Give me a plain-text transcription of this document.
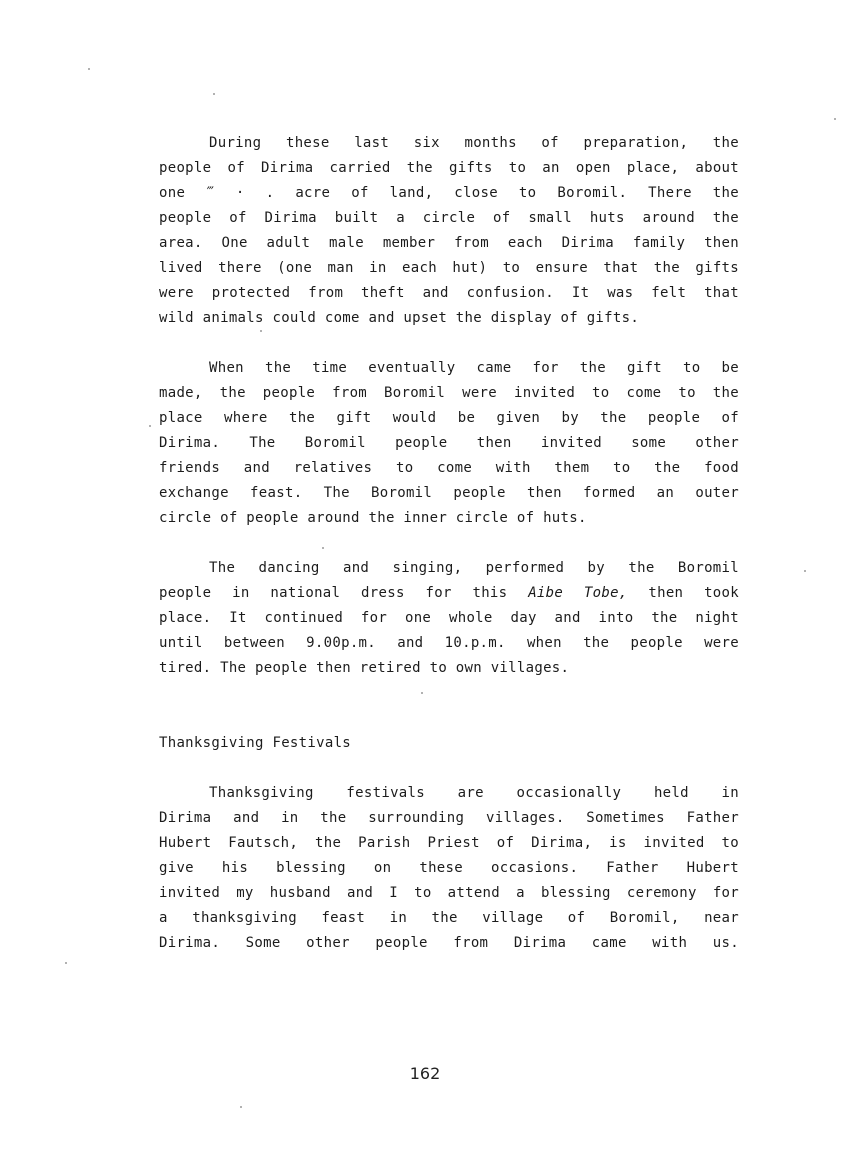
During these last six months of preparation, the
people of Dirima carried the gifts to an open place, about
one ‴ · . acre of land, close to Boromil. There the
people of Dirima built a circle of small huts around the
area. One adult male member from each Dirima family then
lived there (one man in each hut) to ensure that the gifts
were protected from theft and confusion. It was felt that
wild animals could come and upset the display of gifts.
When the time eventually came for the gift to be
made, the people from Boromil were invited to come to the
place where the gift would be given by the people of
Dirima. The Boromil people then invited some other
friends and relatives to come with them to the food
exchange feast. The Boromil people then formed an outer
circle of people around the inner circle of huts.
The dancing and singing, performed by the Boromil
people in national dress for this Aibe Tobe, then took
place. It continued for one whole day and into the night
until between 9.00p.m. and 10.p.m. when the people were
tired. The people then retired to own villages.
Thanksgiving Festivals
Thanksgiving festivals are occasionally held in
Dirima and in the surrounding villages. Sometimes Father
Hubert Fautsch, the Parish Priest of Dirima, is invited to
give his blessing on these occasions. Father Hubert
invited my husband and I to attend a blessing ceremony for
a thanksgiving feast in the village of Boromil, near
Dirima. Some other people from Dirima came with us.
162
